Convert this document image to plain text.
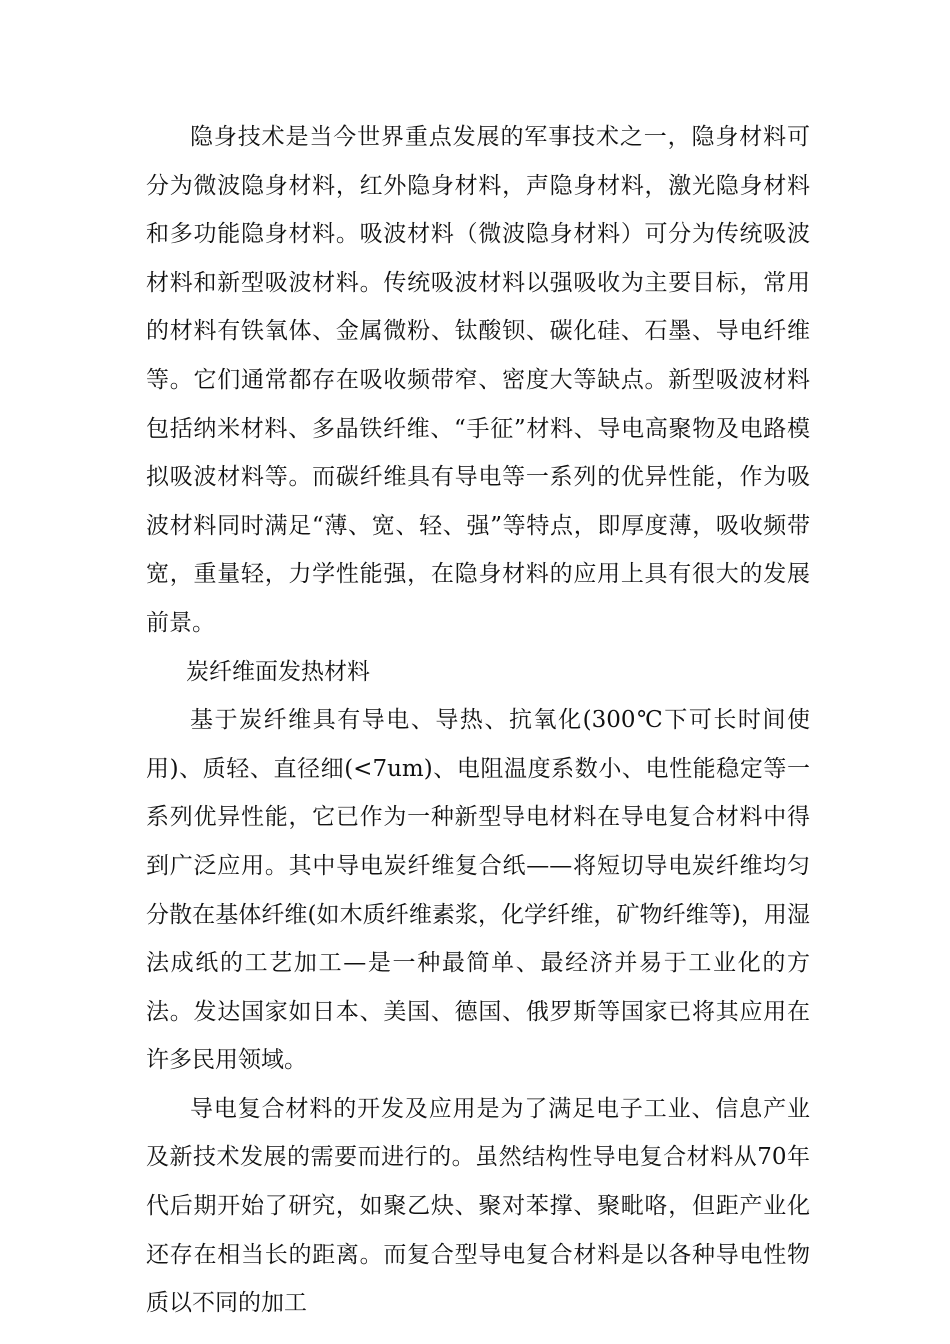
隐身技术是当今世界重点发展的军事技术之一，隐身材料可分为微波隐身材料，红外隐身材料，声隐身材料，激光隐身材料和多功能隐身材料。吸波材料（微波隐身材料）可分为传统吸波材料和新型吸波材料。传统吸波材料以强吸收为主要目标，常用的材料有铁氧体、金属微粉、钛酸钡、碳化硅、石墨、导电纤维等。它们通常都存在吸收频带窄、密度大等缺点。新型吸波材料包括纳米材料、多晶铁纤维、“手征”材料、导电高聚物及电路模拟吸波材料等。而碳纤维具有导电等一系列的优异性能，作为吸波材料同时满足“薄、宽、轻、强”等特点，即厚度薄，吸收频带宽，重量轻，力学性能强，在隐身材料的应用上具有很大的发展前景。

炭纤维面发热材料

基于炭纤维具有导电、导热、抗氧化(300℃下可长时间使用)、质轻、直径细(<7um)、电阻温度系数小、电性能稳定等一系列优异性能，它已作为一种新型导电材料在导电复合材料中得到广泛应用。其中导电炭纤维复合纸——将短切导电炭纤维均匀分散在基体纤维(如木质纤维素浆，化学纤维，矿物纤维等)，用湿法成纸的工艺加工—是一种最简单、最经济并易于工业化的方法。发达国家如日本、美国、德国、俄罗斯等国家已将其应用在许多民用领域。

导电复合材料的开发及应用是为了满足电子工业、信息产业及新技术发展的需要而进行的。虽然结构性导电复合材料从70年代后期开始了研究，如聚乙炔、聚对苯撑、聚毗咯，但距产业化还存在相当长的距离。而复合型导电复合材料是以各种导电性物质以不同的加工
